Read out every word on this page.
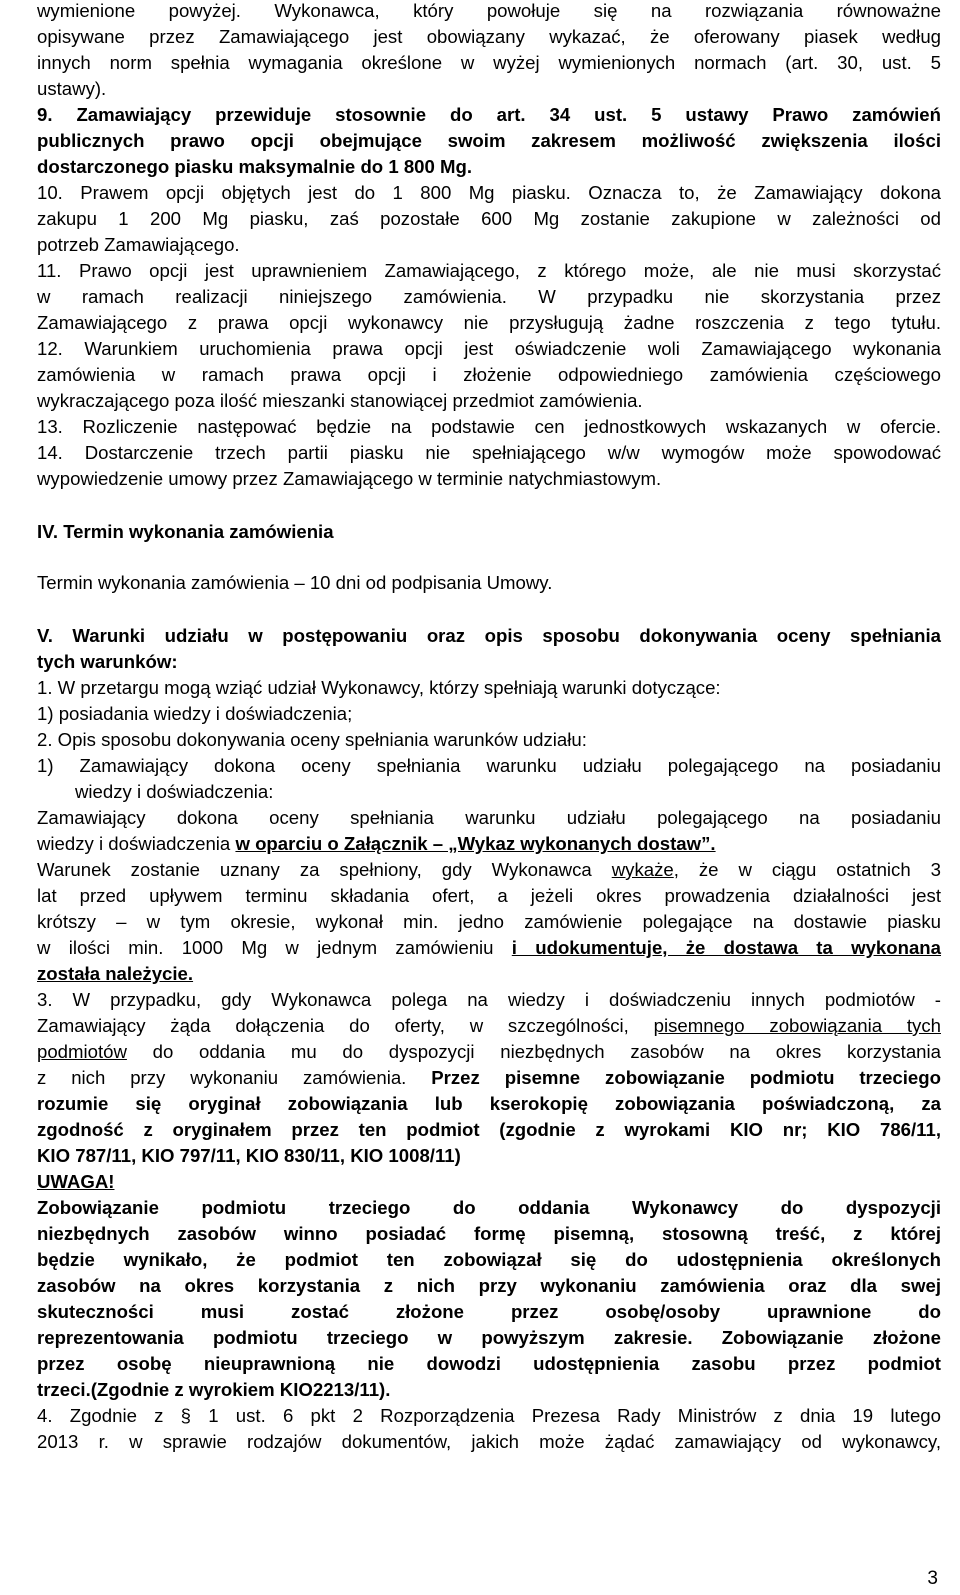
wymienione powyżej. Wykonawca, który powołuje się na rozwiązania równoważne
opisywane przez Zamawiającego jest obowiązany wykazać, że oferowany piasek według
innych norm spełnia wymagania określone w wyżej wymienionych normach (art. 30, ust. 5
ustawy).
9. Zamawiający przewiduje stosownie do art. 34 ust. 5 ustawy Prawo zamówień
publicznych prawo opcji obejmujące swoim zakresem możliwość zwiększenia ilości
dostarczonego piasku maksymalnie do 1 800 Mg.
10. Prawem opcji objętych jest do 1 800 Mg piasku. Oznacza to, że Zamawiający dokona
zakupu 1 200 Mg piasku, zaś pozostałe 600 Mg zostanie zakupione w zależności od
potrzeb Zamawiającego.
11. Prawo opcji jest uprawnieniem Zamawiającego, z którego może, ale nie musi skorzystać
w ramach realizacji niniejszego zamówienia. W przypadku nie skorzystania przez
Zamawiającego z prawa opcji wykonawcy nie przysługują żadne roszczenia z tego tytułu.
12. Warunkiem uruchomienia prawa opcji jest oświadczenie woli Zamawiającego wykonania
zamówienia w ramach prawa opcji i złożenie odpowiedniego zamówienia częściowego
wykraczającego poza ilość mieszanki stanowiącej przedmiot zamówienia.
13. Rozliczenie następować będzie na podstawie cen jednostkowych wskazanych w ofercie.
14. Dostarczenie trzech partii piasku nie spełniającego w/w wymogów może spowodować
wypowiedzenie umowy przez Zamawiającego w terminie natychmiastowym.
IV. Termin wykonania zamówienia
Termin wykonania zamówienia – 10 dni od podpisania Umowy.
V. Warunki udziału w postępowaniu oraz opis sposobu dokonywania oceny spełniania
tych warunków:
1. W przetargu mogą wziąć udział Wykonawcy, którzy spełniają warunki dotyczące:
1) posiadania wiedzy i doświadczenia;
2. Opis sposobu dokonywania oceny spełniania warunków udziału:
1) Zamawiający dokona oceny spełniania warunku udziału polegającego na posiadaniu
wiedzy i doświadczenia:
Zamawiający dokona oceny spełniania warunku udziału polegającego na posiadaniu
wiedzy i doświadczenia w oparciu o Załącznik – „Wykaz wykonanych dostaw”.
Warunek zostanie uznany za spełniony, gdy Wykonawca wykaże, że w ciągu ostatnich 3
lat przed upływem terminu składania ofert, a jeżeli okres prowadzenia działalności jest
krótszy – w tym okresie, wykonał min. jedno zamówienie polegające na dostawie piasku
w ilości min. 1000 Mg w jednym zamówieniu i udokumentuje, że dostawa ta wykonana
została należycie.
3. W przypadku, gdy Wykonawca polega na wiedzy i doświadczeniu innych podmiotów -
Zamawiający żąda dołączenia do oferty, w szczególności, pisemnego zobowiązania tych
podmiotów do oddania mu do dyspozycji niezbędnych zasobów na okres korzystania
z nich przy wykonaniu zamówienia. Przez pisemne zobowiązanie podmiotu trzeciego
rozumie się oryginał zobowiązania lub kserokopię zobowiązania poświadczoną, za
zgodność z oryginałem przez ten podmiot (zgodnie z wyrokami KIO nr; KIO 786/11,
KIO 787/11, KIO 797/11, KIO 830/11, KIO 1008/11)
UWAGA!
Zobowiązanie podmiotu trzeciego do oddania Wykonawcy do dyspozycji
niezbędnych zasobów winno posiadać formę pisemną, stosowną treść, z której
będzie wynikało, że podmiot ten zobowiązał się do udostępnienia określonych
zasobów na okres korzystania z nich przy wykonaniu zamówienia oraz dla swej
skuteczności musi zostać złożone przez osobę/osoby uprawnione do
reprezentowania podmiotu trzeciego w powyższym zakresie. Zobowiązanie złożone
przez osobę nieuprawnioną nie dowodzi udostępnienia zasobu przez podmiot
trzeci.(Zgodnie z wyrokiem KIO2213/11).
4. Zgodnie z § 1 ust. 6 pkt 2 Rozporządzenia Prezesa Rady Ministrów z dnia 19 lutego
2013 r. w sprawie rodzajów dokumentów, jakich może żądać zamawiający od wykonawcy,
3
